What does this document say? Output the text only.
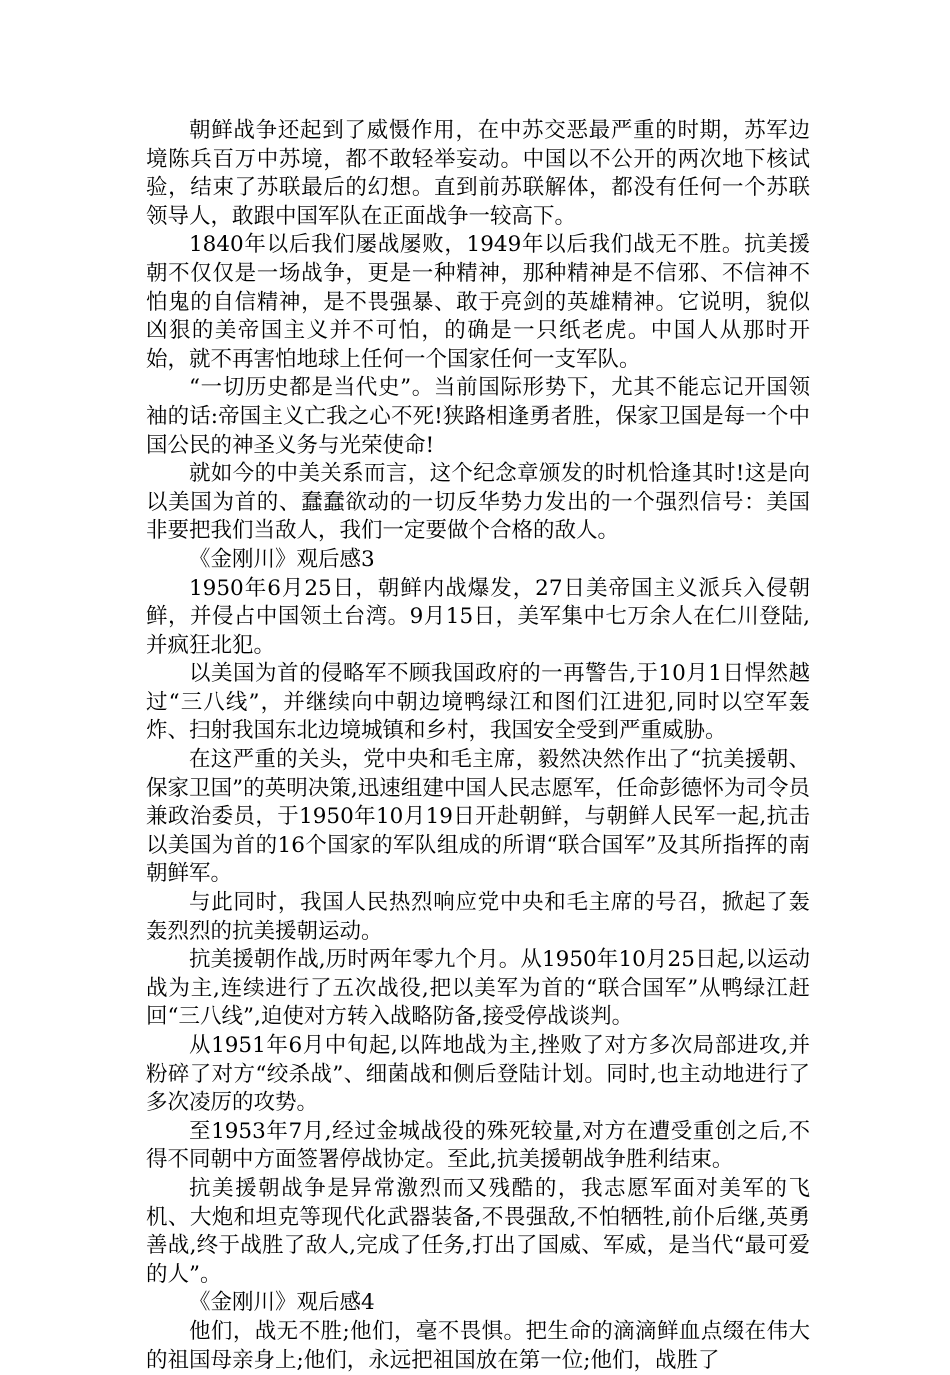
朝鲜战争还起到了威慑作用，在中苏交恶最严重的时期，苏军边境陈兵百万中苏境，都不敢轻举妄动。中国以不公开的两次地下核试验，结束了苏联最后的幻想。直到前苏联解体，都没有任何一个苏联领导人，敢跟中国军队在正面战争一较高下。

1840年以后我们屡战屡败，1949年以后我们战无不胜。抗美援朝不仅仅是一场战争，更是一种精神，那种精神是不信邪、不信神不怕鬼的自信精神，是不畏强暴、敢于亮剑的英雄精神。它说明，貌似凶狠的美帝国主义并不可怕，的确是一只纸老虎。中国人从那时开始，就不再害怕地球上任何一个国家任何一支军队。

“一切历史都是当代史”。当前国际形势下，尤其不能忘记开国领袖的话:帝国主义亡我之心不死!狭路相逢勇者胜，保家卫国是每一个中国公民的神圣义务与光荣使命!

就如今的中美关系而言，这个纪念章颁发的时机恰逢其时!这是向以美国为首的、蠢蠢欲动的一切反华势力发出的一个强烈信号：美国非要把我们当敌人，我们一定要做个合格的敌人。

《金刚川》观后感3

1950年6月25日，朝鲜内战爆发，27日美帝国主义派兵入侵朝鲜，并侵占中国领土台湾。9月15日，美军集中七万余人在仁川登陆,并疯狂北犯。

以美国为首的侵略军不顾我国政府的一再警告,于10月1日悍然越过“三八线”，并继续向中朝边境鸭绿江和图们江进犯,同时以空军轰炸、扫射我国东北边境城镇和乡村，我国安全受到严重威胁。

在这严重的关头，党中央和毛主席，毅然决然作出了“抗美援朝、保家卫国”的英明决策,迅速组建中国人民志愿军，任命彭德怀为司令员兼政治委员，于1950年10月19日开赴朝鲜，与朝鲜人民军一起,抗击以美国为首的16个国家的军队组成的所谓“联合国军”及其所指挥的南朝鲜军。

与此同时，我国人民热烈响应党中央和毛主席的号召，掀起了轰轰烈烈的抗美援朝运动。

抗美援朝作战,历时两年零九个月。从1950年10月25日起,以运动战为主,连续进行了五次战役,把以美军为首的“联合国军”从鸭绿江赶回“三八线”,迫使对方转入战略防备,接受停战谈判。

从1951年6月中旬起,以阵地战为主,挫败了对方多次局部进攻,并粉碎了对方“绞杀战”、细菌战和侧后登陆计划。同时,也主动地进行了多次凌厉的攻势。

至1953年7月,经过金城战役的殊死较量,对方在遭受重创之后,不得不同朝中方面签署停战协定。至此,抗美援朝战争胜利结束。

抗美援朝战争是异常激烈而又残酷的，我志愿军面对美军的飞机、大炮和坦克等现代化武器装备,不畏强敌,不怕牺牲,前仆后继,英勇善战,终于战胜了敌人,完成了任务,打出了国威、军威，是当代“最可爱的人”。

《金刚川》观后感4

他们，战无不胜;他们，毫不畏惧。把生命的滴滴鲜血点缀在伟大的祖国母亲身上;他们，永远把祖国放在第一位;他们，战胜了
